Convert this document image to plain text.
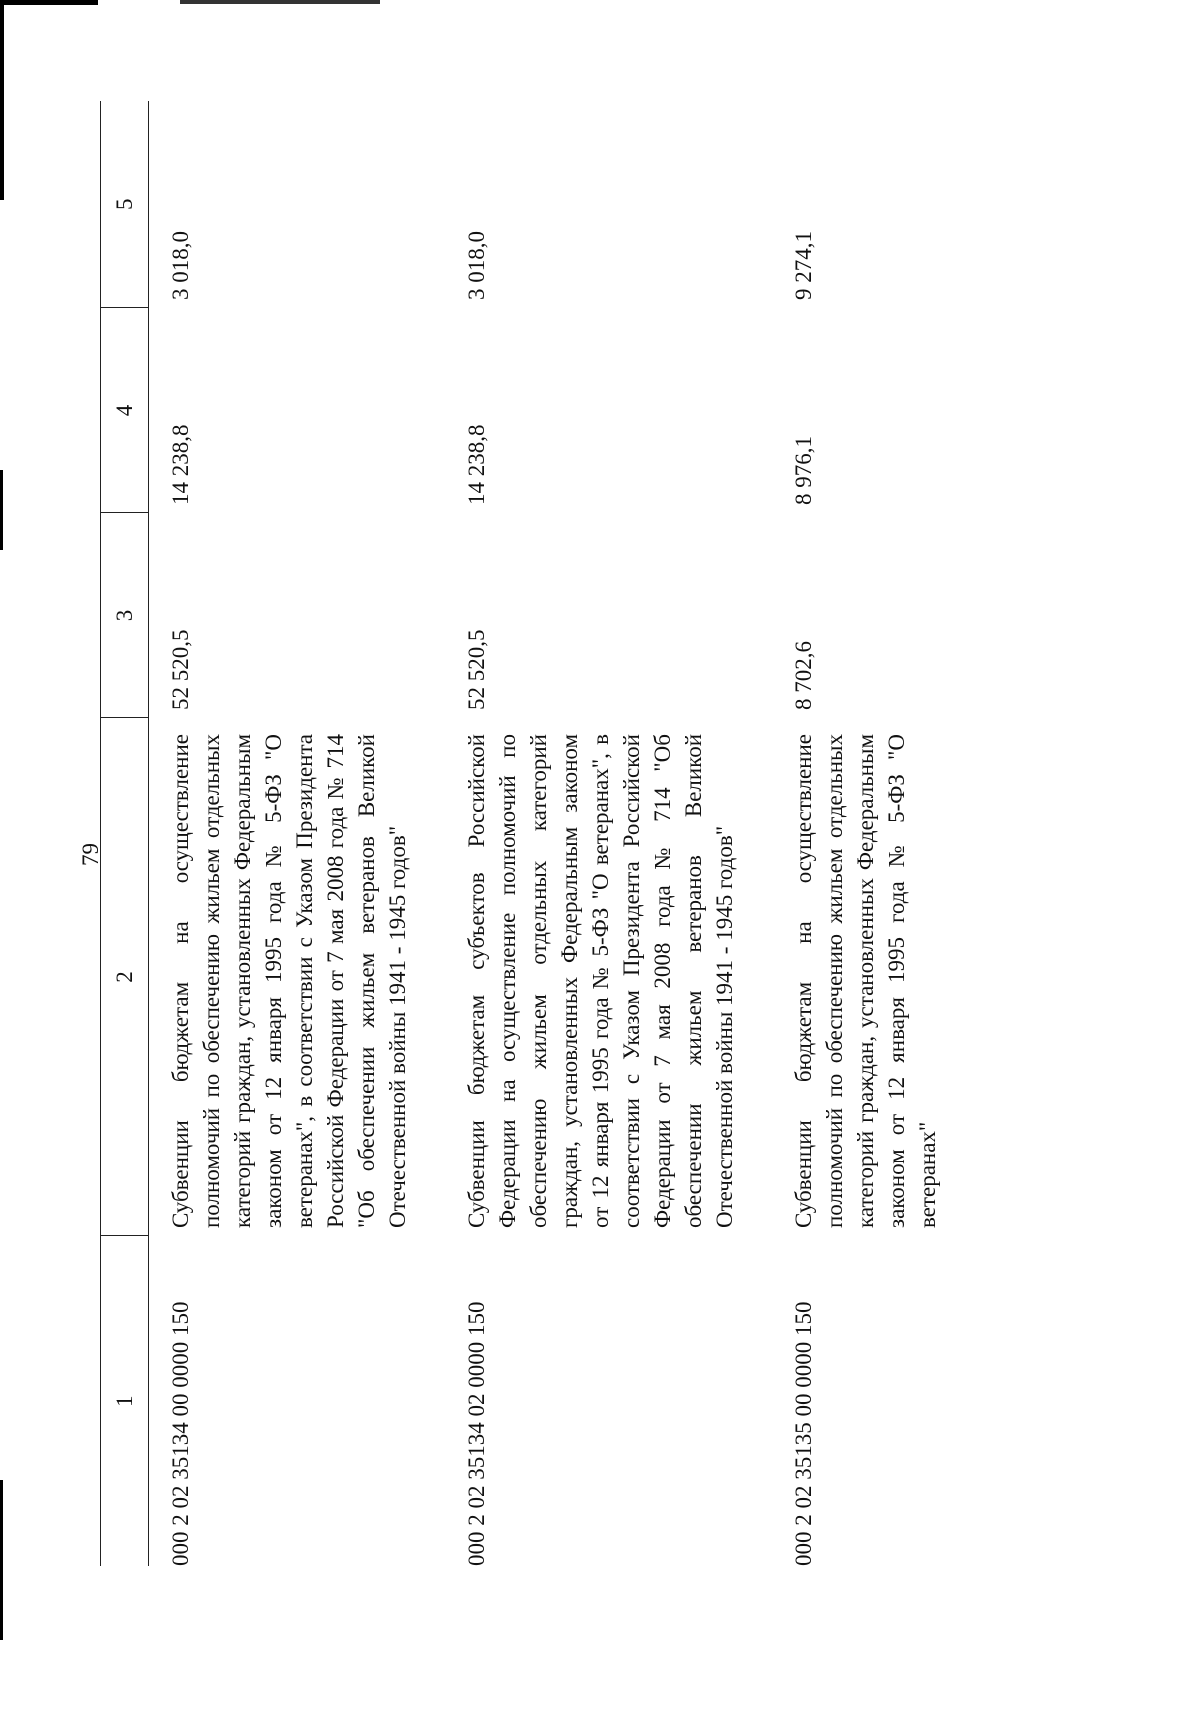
79
1	2	3	4	5
000 2 02 35134 00 0000 150	Субвенции бюджетам на осуществление полномочий по обеспечению жильем отдельных категорий граждан, установленных Федеральным законом от 12 января 1995 года № 5-ФЗ "О ветеранах", в соответствии с Указом Президента Российской Федерации от 7 мая 2008 года № 714 "Об обеспечении жильем ветеранов Великой Отечественной войны 1941 - 1945 годов"	52 520,5	14 238,8	3 018,0

000 2 02 35134 02 0000 150	Субвенции бюджетам субъектов Российской Федерации на осуществление полномочий по обеспечению жильем отдельных категорий граждан, установленных Федеральным законом от 12 января 1995 года № 5-ФЗ "О ветеранах", в соответствии с Указом Президента Российской Федерации от 7 мая 2008 года № 714 "Об обеспечении жильем ветеранов Великой Отечественной войны 1941 - 1945 годов"	52 520,5	14 238,8	3 018,0

000 2 02 35135 00 0000 150	Субвенции бюджетам на осуществление полномочий по обеспечению жильем отдельных категорий граждан, установленных Федеральным законом от 12 января 1995 года № 5-ФЗ "О ветеранах"	8 702,6	8 976,1	9 274,1
